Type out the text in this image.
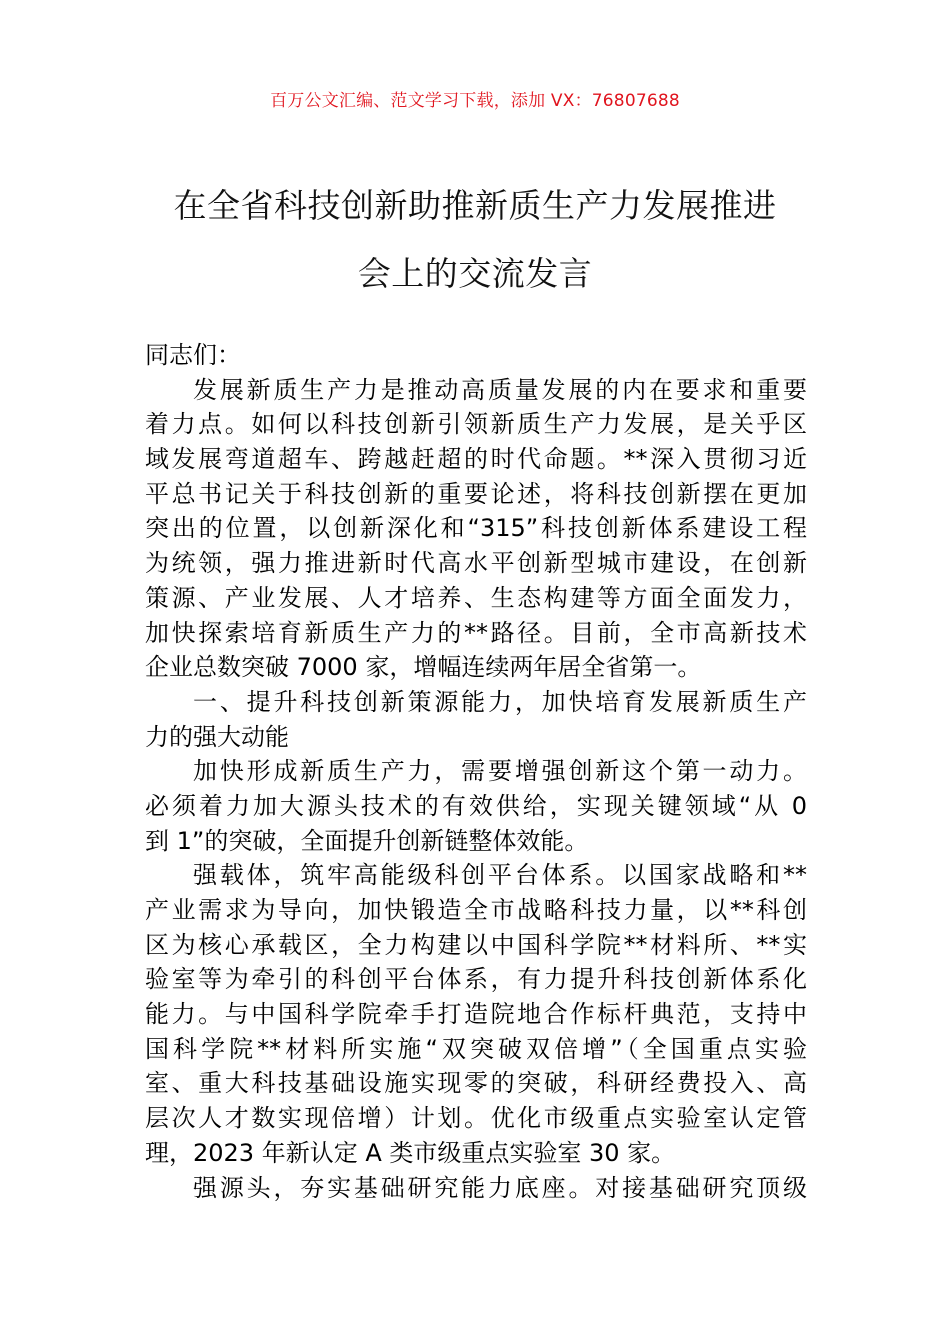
百万公文汇编、范文学习下载，添加 VX：76807688
在全省科技创新助推新质生产力发展推进
会上的交流发言
同志们：
发展新质生产力是推动高质量发展的内在要求和重要
着力点。如何以科技创新引领新质生产力发展，是关乎区
域发展弯道超车、跨越赶超的时代命题。**深入贯彻习近
平总书记关于科技创新的重要论述，将科技创新摆在更加
突出的位置，以创新深化和“315”科技创新体系建设工程
为统领，强力推进新时代高水平创新型城市建设，在创新
策源、产业发展、人才培养、生态构建等方面全面发力，
加快探索培育新质生产力的**路径。目前，全市高新技术
企业总数突破 7000 家，增幅连续两年居全省第一。
一、提升科技创新策源能力，加快培育发展新质生产
力的强大动能
加快形成新质生产力，需要增强创新这个第一动力。
必须着力加大源头技术的有效供给，实现关键领域“从 0
到 1”的突破，全面提升创新链整体效能。
强载体，筑牢高能级科创平台体系。以国家战略和**
产业需求为导向，加快锻造全市战略科技力量，以**科创
区为核心承载区，全力构建以中国科学院**材料所、**实
验室等为牵引的科创平台体系，有力提升科技创新体系化
能力。与中国科学院牵手打造院地合作标杆典范，支持中
国科学院**材料所实施“双突破双倍增”（全国重点实验
室、重大科技基础设施实现零的突破，科研经费投入、高
层次人才数实现倍增）计划。优化市级重点实验室认定管
理，2023 年新认定 A 类市级重点实验室 30 家。
强源头，夯实基础研究能力底座。对接基础研究顶级
